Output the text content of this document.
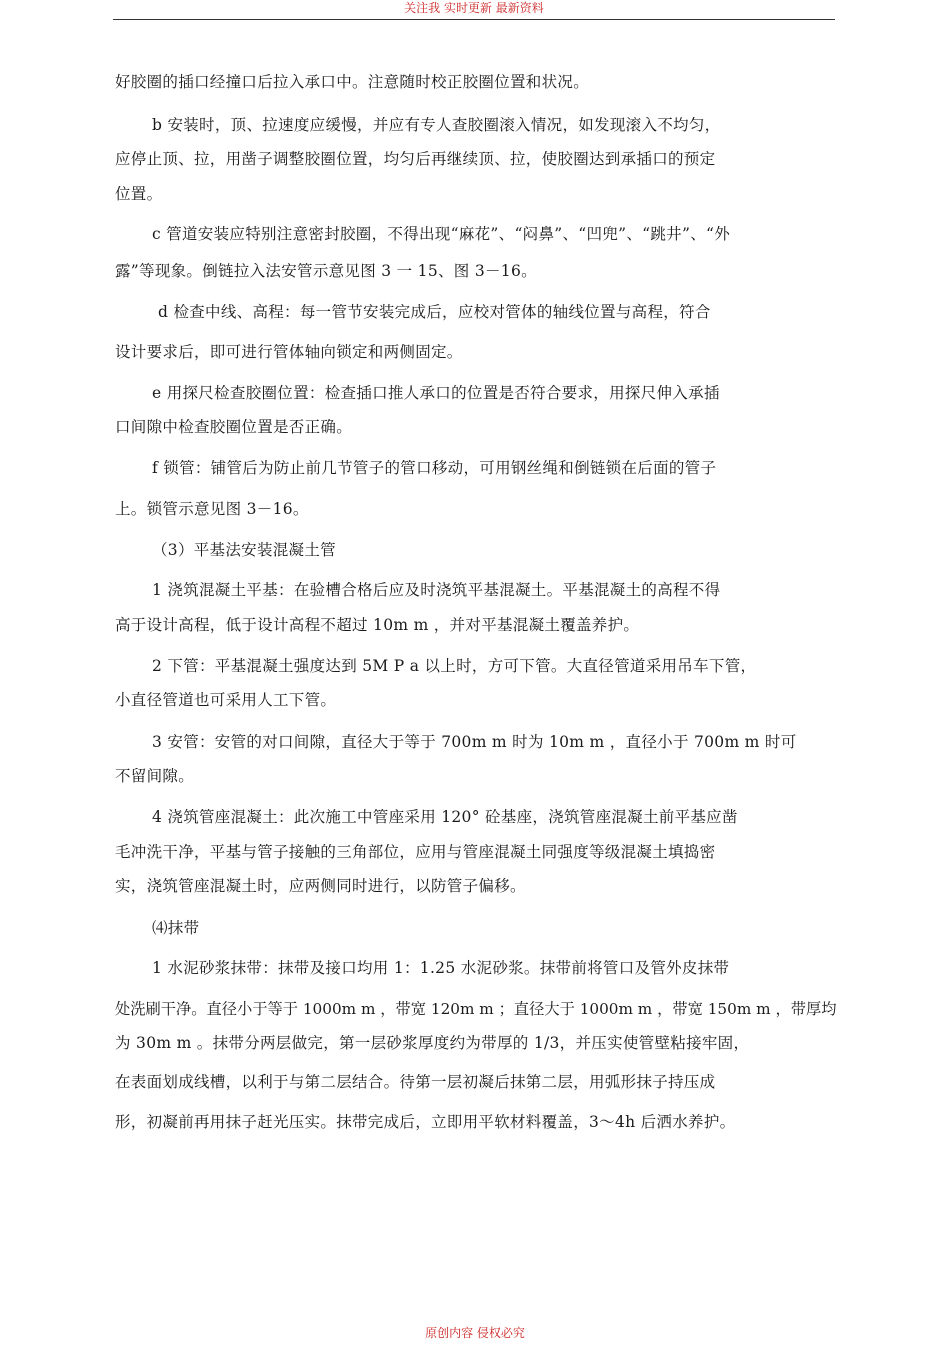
关注我 实时更新 最新资料
好胶圈的插口经撞口后拉入承口中。注意随时校正胶圈位置和状况。
b 安装时，顶、拉速度应缓慢，并应有专人查胶圈滚入情况，如发现滚入不均匀，
应停止顶、拉，用凿子调整胶圈位置，均匀后再继续顶、拉，使胶圈达到承插口的预定
位置。
c 管道安装应特别注意密封胶圈，不得出现“麻花”、“闷鼻”、“凹兜”、“跳井”、“外
露”等现象。倒链拉入法安管示意见图 3 一 15、图 3－16。
d 检查中线、高程：每一管节安装完成后，应校对管体的轴线位置与高程，符合
设计要求后，即可进行管体轴向锁定和两侧固定。
e 用探尺检查胶圈位置：检查插口推人承口的位置是否符合要求，用探尺伸入承插
口间隙中检查胶圈位置是否正确。
f 锁管：铺管后为防止前几节管子的管口移动，可用钢丝绳和倒链锁在后面的管子
上。锁管示意见图 3－16。
（3）平基法安装混凝土管
1 浇筑混凝土平基：在验槽合格后应及时浇筑平基混凝土。平基混凝土的高程不得
高于设计高程，低于设计高程不超过 10m m ，并对平基混凝土覆盖养护。
2 下管：平基混凝土强度达到 5M P a 以上时，方可下管。大直径管道采用吊车下管，
小直径管道也可采用人工下管。
3 安管：安管的对口间隙，直径大于等于 700m m 时为 10m m ，直径小于 700m m 时可
不留间隙。
4 浇筑管座混凝土：此次施工中管座采用 120° 砼基座，浇筑管座混凝土前平基应凿
毛冲洗干净，平基与管子接触的三角部位，应用与管座混凝土同强度等级混凝土填捣密
实，浇筑管座混凝土时，应两侧同时进行，以防管子偏移。
⑷抹带
1 水泥砂浆抹带：抹带及接口均用 1：1.25 水泥砂浆。抹带前将管口及管外皮抹带
处洗刷干净。直径小于等于 1000m m ，带宽 120m m ；直径大于 1000m m ，带宽 150m m ，带厚均
为 30m m 。抹带分两层做完，第一层砂浆厚度约为带厚的 1/3，并压实使管壁粘接牢固，
在表面划成线槽，以利于与第二层结合。待第一层初凝后抹第二层，用弧形抹子持压成
形，初凝前再用抹子赶光压实。抹带完成后，立即用平软材料覆盖，3～4h 后洒水养护。
原创内容 侵权必究
